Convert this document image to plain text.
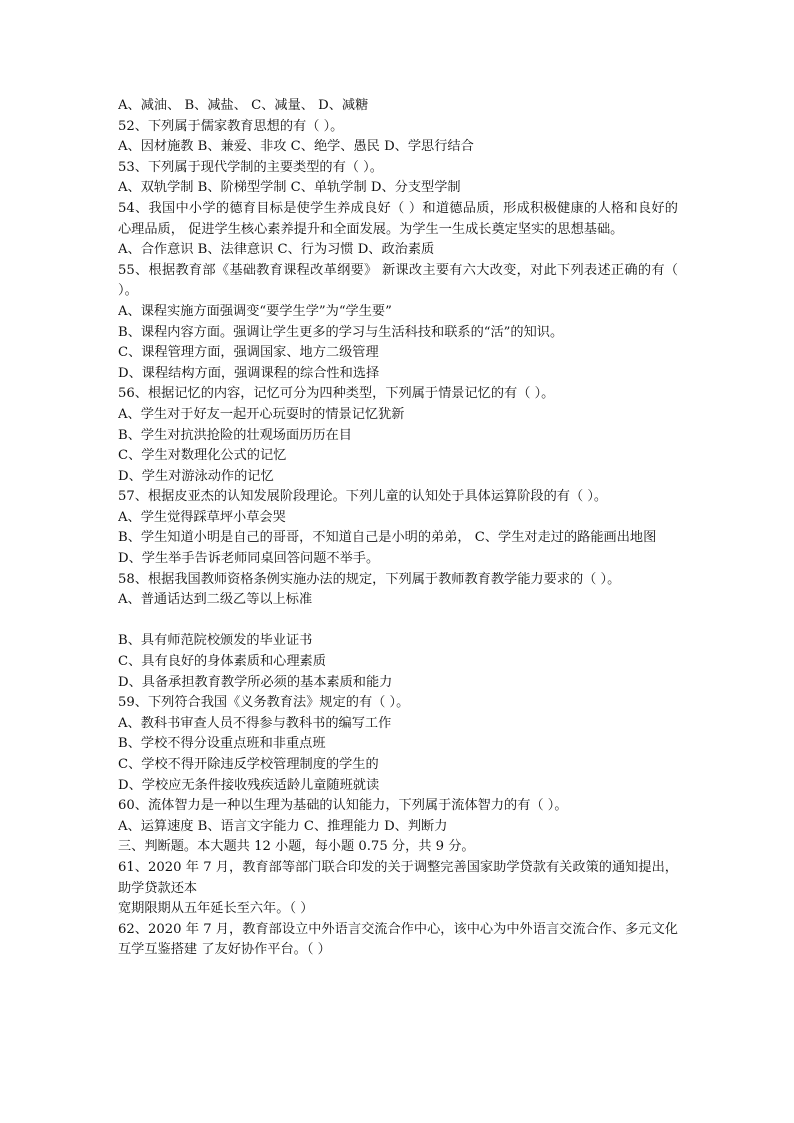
A、减油、 B、减盐、 C、减量、 D、减糖
52、下列属于儒家教育思想的有（ ）。
A、因材施教 B、兼爱、非攻 C、绝学、愚民 D、学思行结合
53、下列属于现代学制的主要类型的有（ ）。
A、双轨学制 B、阶梯型学制 C、单轨学制 D、分支型学制
54、我国中小学的德育目标是使学生养成良好（ ）和道德品质，形成积极健康的人格和良好的心理品质， 促进学生核心素养提升和全面发展。为学生一生成长奠定坚实的思想基础。
A、合作意识 B、法律意识 C、行为习惯 D、政治素质
55、根据教育部《基础教育课程改革纲要》 新课改主要有六大改变，对此下列表述正确的有（ ）。
A、课程实施方面强调变“要学生学”为“学生要”
B、课程内容方面。强调让学生更多的学习与生活科技和联系的“活”的知识。
C、课程管理方面，强调国家、地方二级管理
D、课程结构方面，强调课程的综合性和选择
56、根据记忆的内容，记忆可分为四种类型，下列属于情景记忆的有（ ）。
A、学生对于好友一起开心玩耍时的情景记忆犹新
B、学生对抗洪抢险的壮观场面历历在目
C、学生对数理化公式的记忆
D、学生对游泳动作的记忆
57、根据皮亚杰的认知发展阶段理论。下列儿童的认知处于具体运算阶段的有（ ）。
A、学生觉得踩草坪小草会哭
B、学生知道小明是自己的哥哥，不知道自己是小明的弟弟， C、学生对走过的路能画出地图
D、学生举手告诉老师同桌回答问题不举手。
58、根据我国教师资格条例实施办法的规定，下列属于教师教育教学能力要求的（ ）。
A、普通话达到二级乙等以上标准
B、具有师范院校颁发的毕业证书
C、具有良好的身体素质和心理素质
D、具备承担教育教学所必须的基本素质和能力
59、下列符合我国《义务教育法》规定的有（ ）。
A、教科书审查人员不得参与教科书的编写工作
B、学校不得分设重点班和非重点班
C、学校不得开除违反学校管理制度的学生的
D、学校应无条件接收残疾适龄儿童随班就读
60、流体智力是一种以生理为基础的认知能力，下列属于流体智力的有（ ）。
A、运算速度 B、语言文字能力 C、推理能力 D、判断力
三、判断题。本大题共 12 小题，每小题 0.75 分，共 9 分。
61、2020 年 7 月，教育部等部门联合印发的关于调整完善国家助学贷款有关政策的通知提出，助学贷款还本
宽期限期从五年延长至六年。（ ）
62、2020 年 7 月，教育部设立中外语言交流合作中心，该中心为中外语言交流合作、多元文化互学互鉴搭建 了友好协作平台。（ ）
